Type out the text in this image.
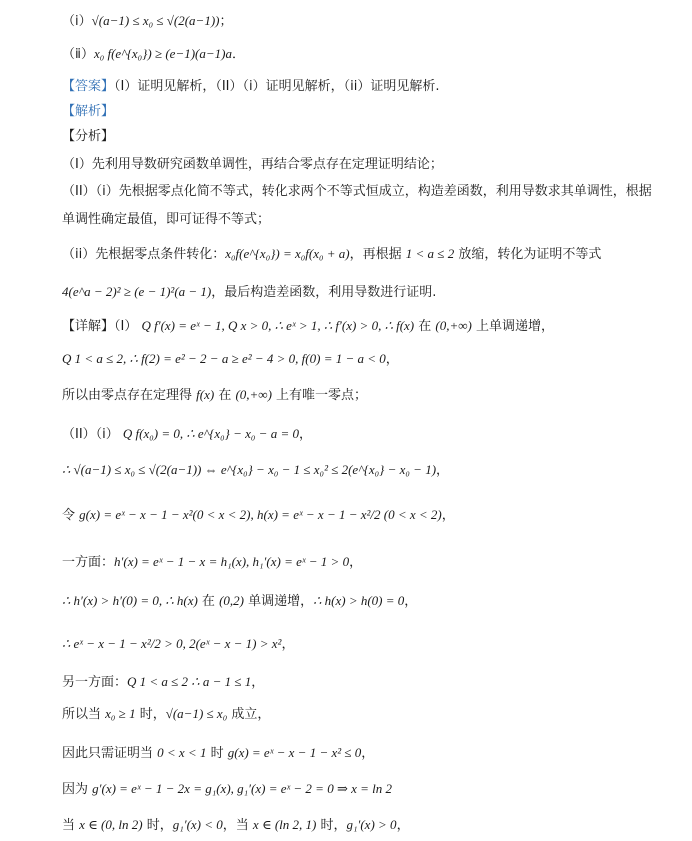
（ⅰ）√(a−1) ≤ x₀ ≤ √(2(a−1))；
（ⅱ）x₀ f(e^{x₀}) ≥ (e−1)(a−1)a．
【答案】（I）证明见解析，（II）（i）证明见解析，（ii）证明见解析.
【解析】
【分析】
（I）先利用导数研究函数单调性，再结合零点存在定理证明结论；
（II）（i）先根据零点化简不等式，转化求两个不等式恒成立，构造差函数，利用导数求其单调性，根据
单调性确定最值，即可证得不等式；
（ii）先根据零点条件转化：x₀f(e^{x₀}) = x₀f(x₀ + a)，再根据 1 < a ≤ 2 放缩，转化为证明不等式
4(e^a − 2)² ≥ (e − 1)²(a − 1)，最后构造差函数，利用导数进行证明.
【详解】（I） Q f′(x) = eˣ − 1, Q x > 0, ∴ eˣ > 1, ∴ f′(x) > 0, ∴ f(x) 在 (0,+∞) 上单调递增，
Q 1 < a ≤ 2, ∴ f(2) = e² − 2 − a ≥ e² − 4 > 0, f(0) = 1 − a < 0，
所以由零点存在定理得 f(x) 在 (0,+∞) 上有唯一零点；
（II）（i） Q f(x₀) = 0, ∴ e^{x₀} − x₀ − a = 0，
∴ √(a−1) ≤ x₀ ≤ √(2(a−1)) ⇔ e^{x₀} − x₀ − 1 ≤ x₀² ≤ 2(e^{x₀} − x₀ − 1)，
令 g(x) = eˣ − x − 1 − x²(0 < x < 2), h(x) = eˣ − x − 1 − x²/2 (0 < x < 2)，
一方面：h′(x) = eˣ − 1 − x = h₁(x), h₁′(x) = eˣ − 1 > 0，
∴ h′(x) > h′(0) = 0, ∴ h(x) 在 (0,2) 单调递增，∴ h(x) > h(0) = 0，
∴ eˣ − x − 1 − x²/2 > 0, 2(eˣ − x − 1) > x²，
另一方面：Q 1 < a ≤ 2 ∴ a − 1 ≤ 1，
所以当 x₀ ≥ 1 时，√(a−1) ≤ x₀ 成立，
因此只需证明当 0 < x < 1 时 g(x) = eˣ − x − 1 − x² ≤ 0，
因为 g′(x) = eˣ − 1 − 2x = g₁(x), g₁′(x) = eˣ − 2 = 0 ⇒ x = ln 2
当 x ∈ (0, ln 2) 时，g₁′(x) < 0，当 x ∈ (ln 2, 1) 时，g₁′(x) > 0，
